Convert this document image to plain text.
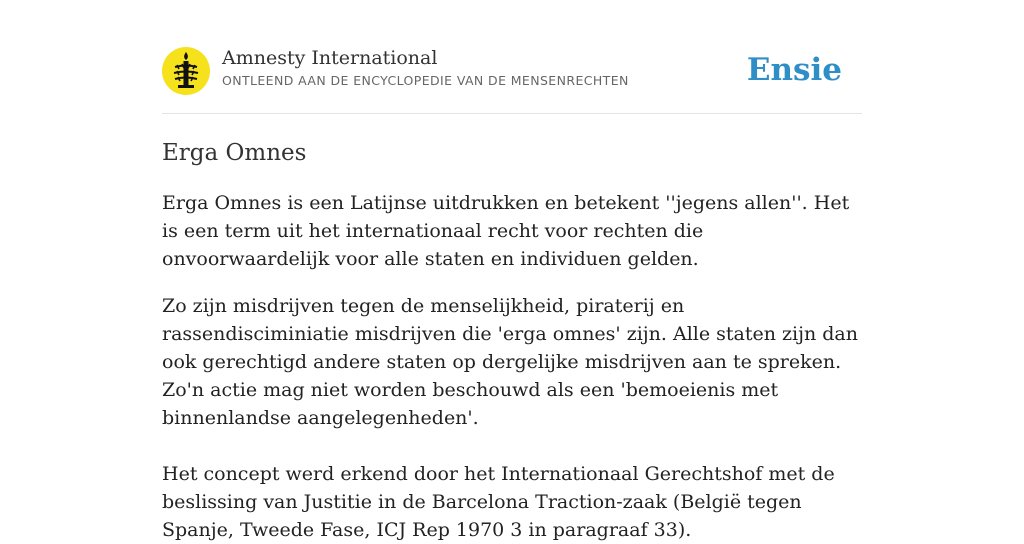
Amnesty International
ONTLEEND AAN DE ENCYCLOPEDIE VAN DE MENSENRECHTEN	Ensie
Erga Omnes

Erga Omnes is een Latijnse uitdrukken en betekent ''jegens allen''. Het is een term uit het internationaal recht voor rechten die onvoorwaardelijk voor alle staten en individuen gelden.

Zo zijn misdrijven tegen de menselijkheid, piraterij en rassendisciminiatie misdrijven die 'erga omnes' zijn. Alle staten zijn dan ook gerechtigd andere staten op dergelijke misdrijven aan te spreken. Zo'n actie mag niet worden beschouwd als een 'bemoeienis met binnenlandse aangelegenheden'.

Het concept werd erkend door het Internationaal Gerechtshof met de beslissing van Justitie in de Barcelona Traction-zaak (België tegen Spanje, Tweede Fase, ICJ Rep 1970 3 in paragraaf 33).
